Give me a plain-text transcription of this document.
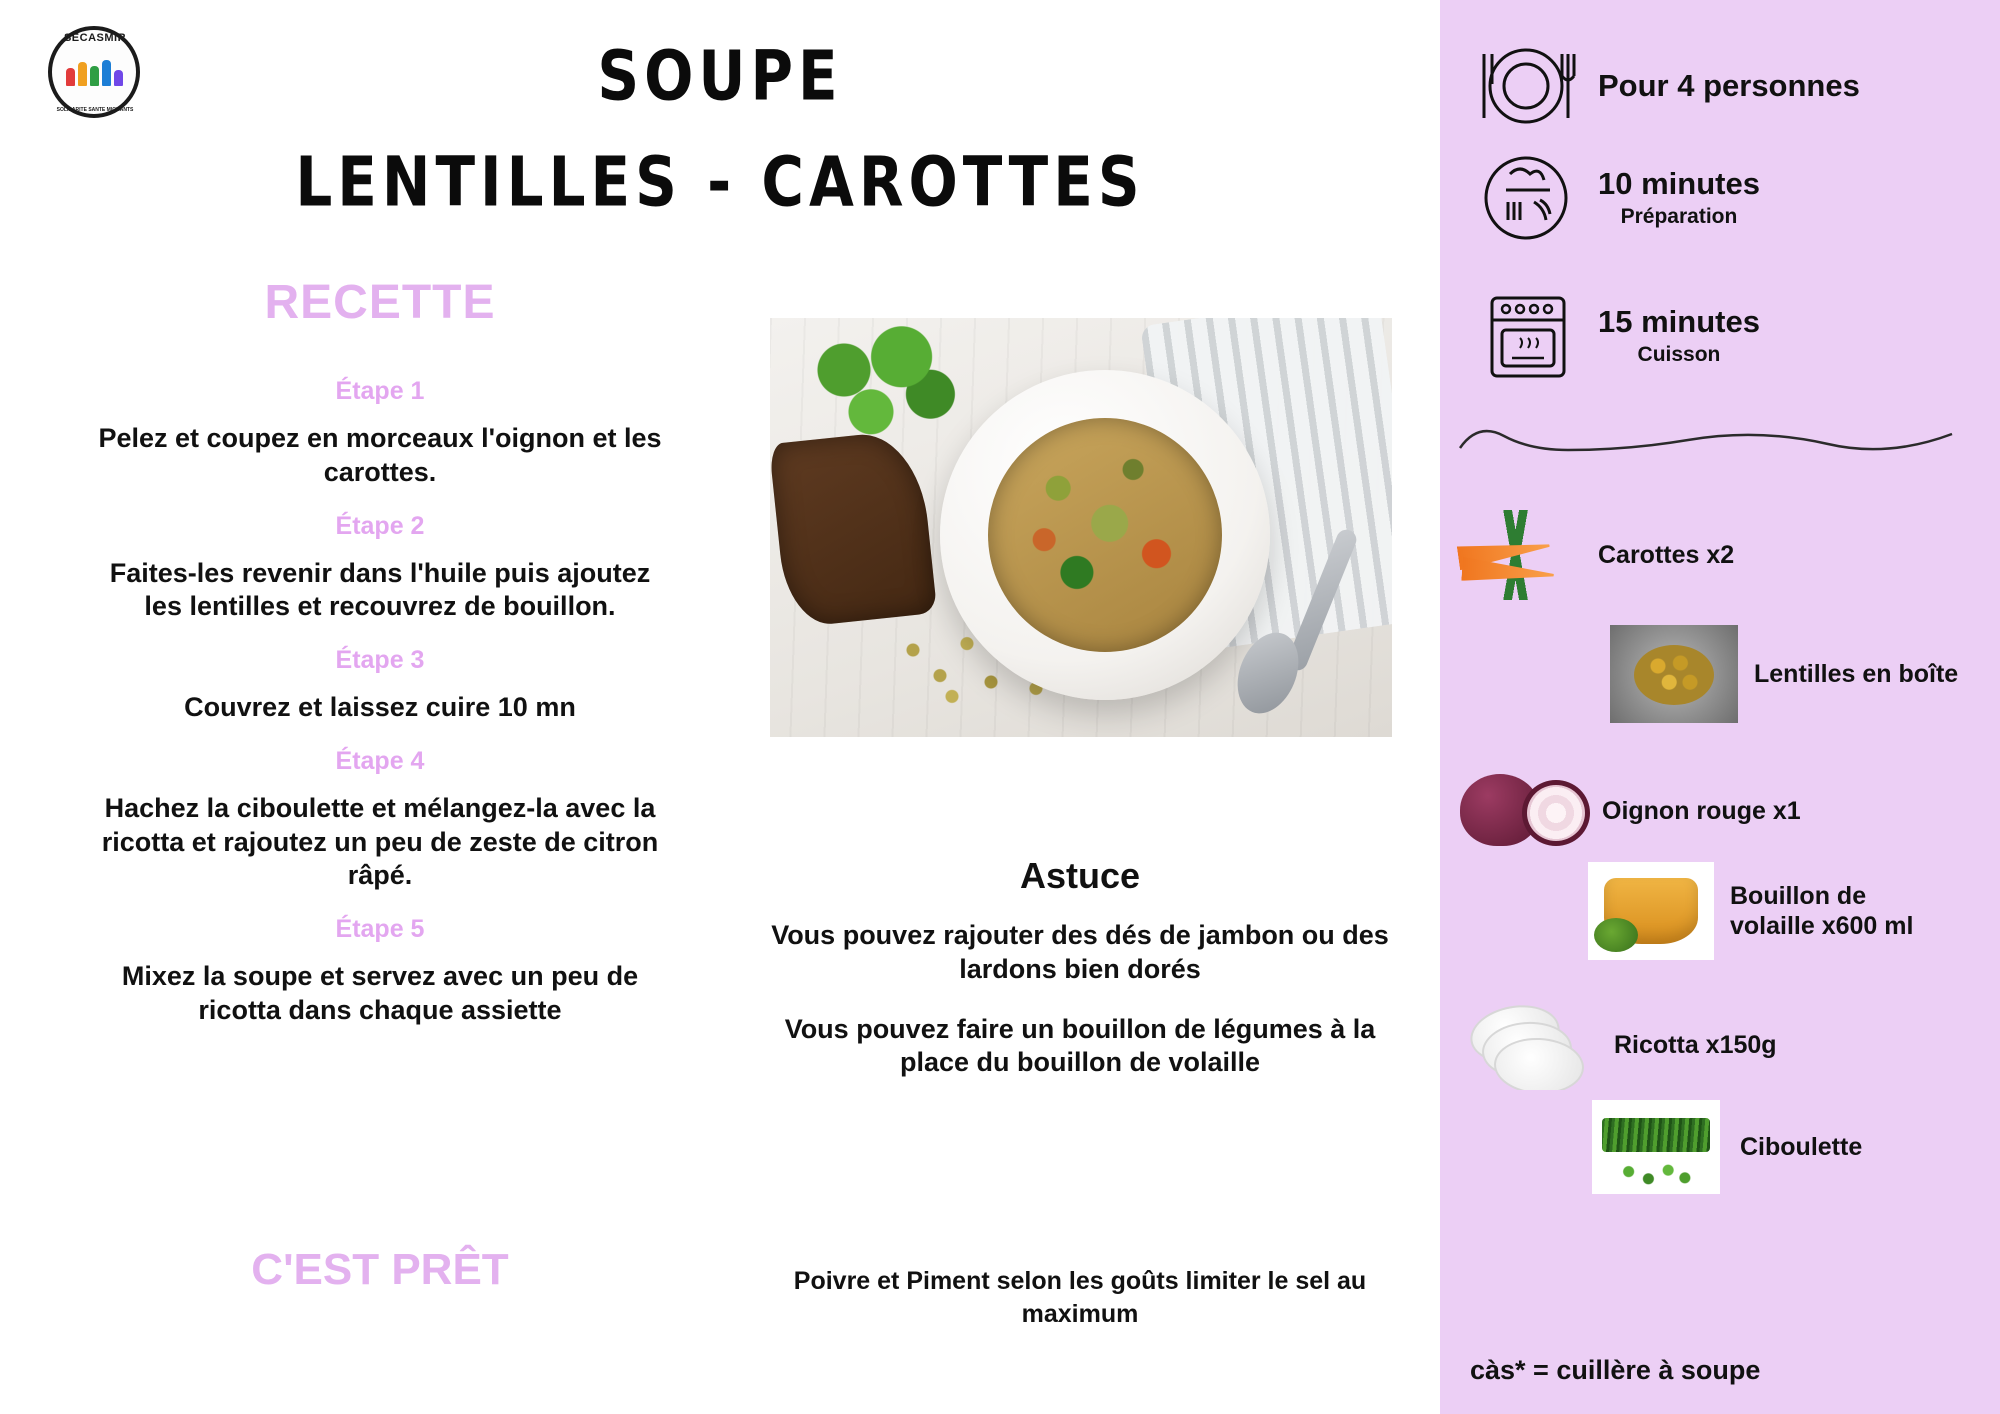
SECASMIR
SOLIDARITE SANTE MIGRANTS	SOUPE
LENTILLES - CAROTTES
RECETTE
Étape 1
Pelez et coupez en morceaux l'oignon et les carottes.
Étape 2
Faites-les revenir dans l'huile puis ajoutez les lentilles et recouvrez de bouillon.
Étape 3
Couvrez et laissez cuire 10 mn
Étape 4
Hachez la ciboulette et mélangez-la avec la ricotta et rajoutez un peu de zeste de citron râpé.
Étape 5
Mixez la soupe et servez avec un peu de ricotta dans chaque assiette
C'EST PRÊT
Astuce

Vous pouvez rajouter des dés de jambon ou des lardons bien dorés

Vous pouvez faire un bouillon de légumes à la place du bouillon de volaille

Poivre et Piment selon les goûts limiter le sel au maximum
Pour 4 personnes
10 minutes
Préparation
15 minutes
Cuisson
Carottes x2
Lentilles en boîte
Oignon rouge x1
Bouillon de volaille x600 ml
Ricotta x150g
Ciboulette
càs* = cuillère à soupe
